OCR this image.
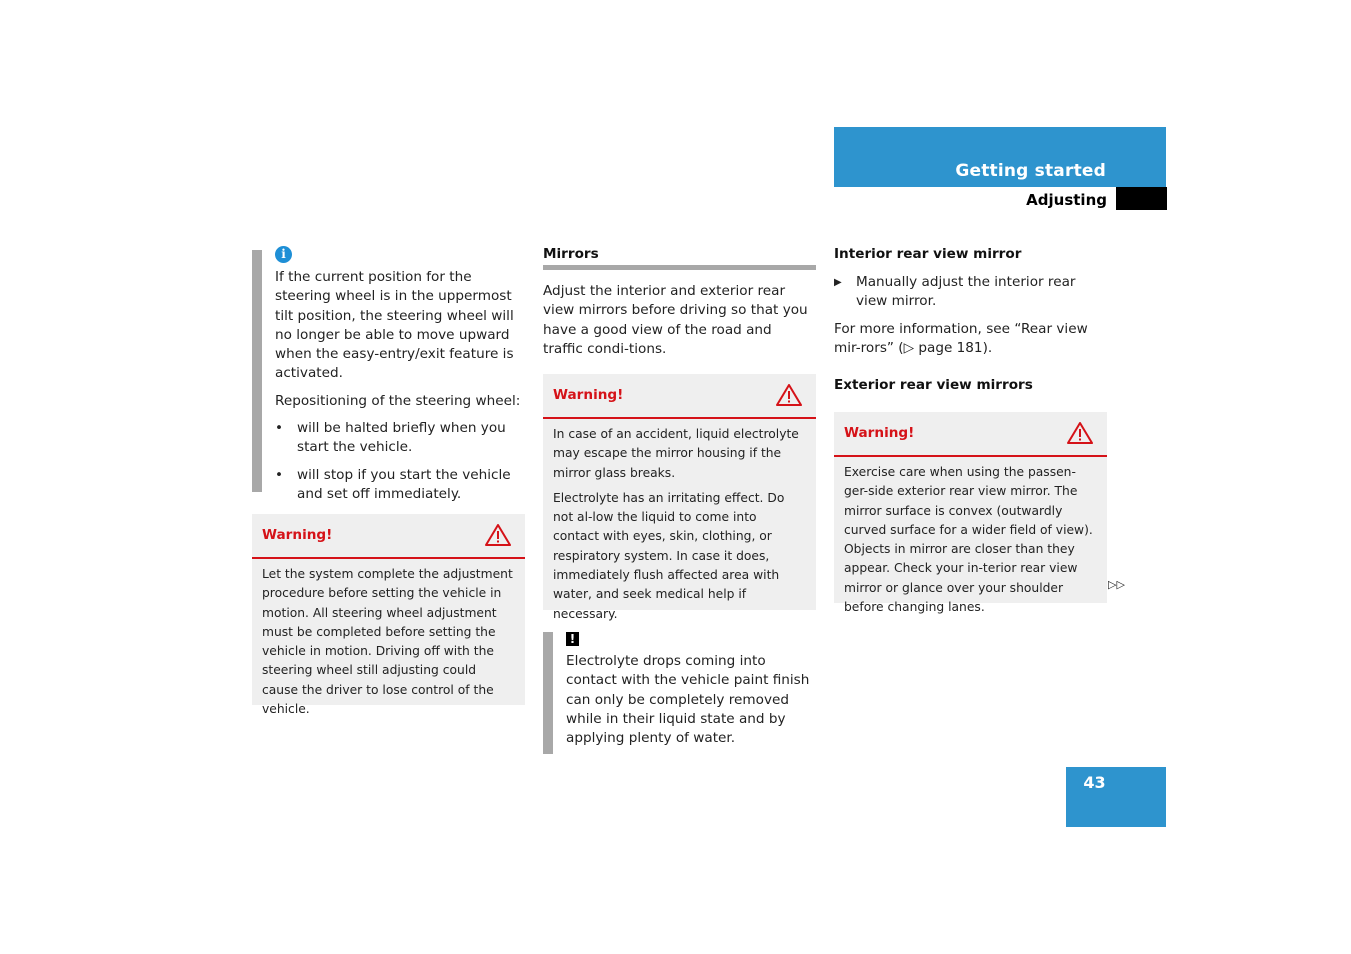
Getting started
Adjusting
i

If the current position for the steering wheel is in the uppermost tilt position, the steering wheel will no longer be able to move upward when the easy-entry/exit feature is activated.

Repositioning of the steering wheel:

• will be halted briefly when you start the vehicle.
• will stop if you start the vehicle and set off immediately.
Warning!

Let the system complete the adjustment procedure before setting the vehicle in motion. All steering wheel adjustment must be completed before setting the vehicle in motion. Driving off with the steering wheel still adjusting could cause the driver to lose control of the vehicle.

Mirrors

Adjust the interior and exterior rear view mirrors before driving so that you have a good view of the road and traffic condi-tions.

Warning!

In case of an accident, liquid electrolyte may escape the mirror housing if the mirror glass breaks.

Electrolyte has an irritating effect. Do not al-low the liquid to come into contact with eyes, skin, clothing, or respiratory system. In case it does, immediately flush affected area with water, and seek medical help if necessary.

!

Electrolyte drops coming into contact with the vehicle paint finish can only be completely removed while in their liquid state and by applying plenty of water.

Interior rear view mirror
▶ Manually adjust the interior rear view mirror.

For more information, see “Rear view mir-rors” (▷ page 181).

Exterior rear view mirrors
Warning!

Exercise care when using the passen-ger-side exterior rear view mirror. The mirror surface is convex (outwardly curved surface for a wider field of view). Objects in mirror are closer than they appear. Check your in-terior rear view mirror or glance over your shoulder before changing lanes.

▷▷
43
